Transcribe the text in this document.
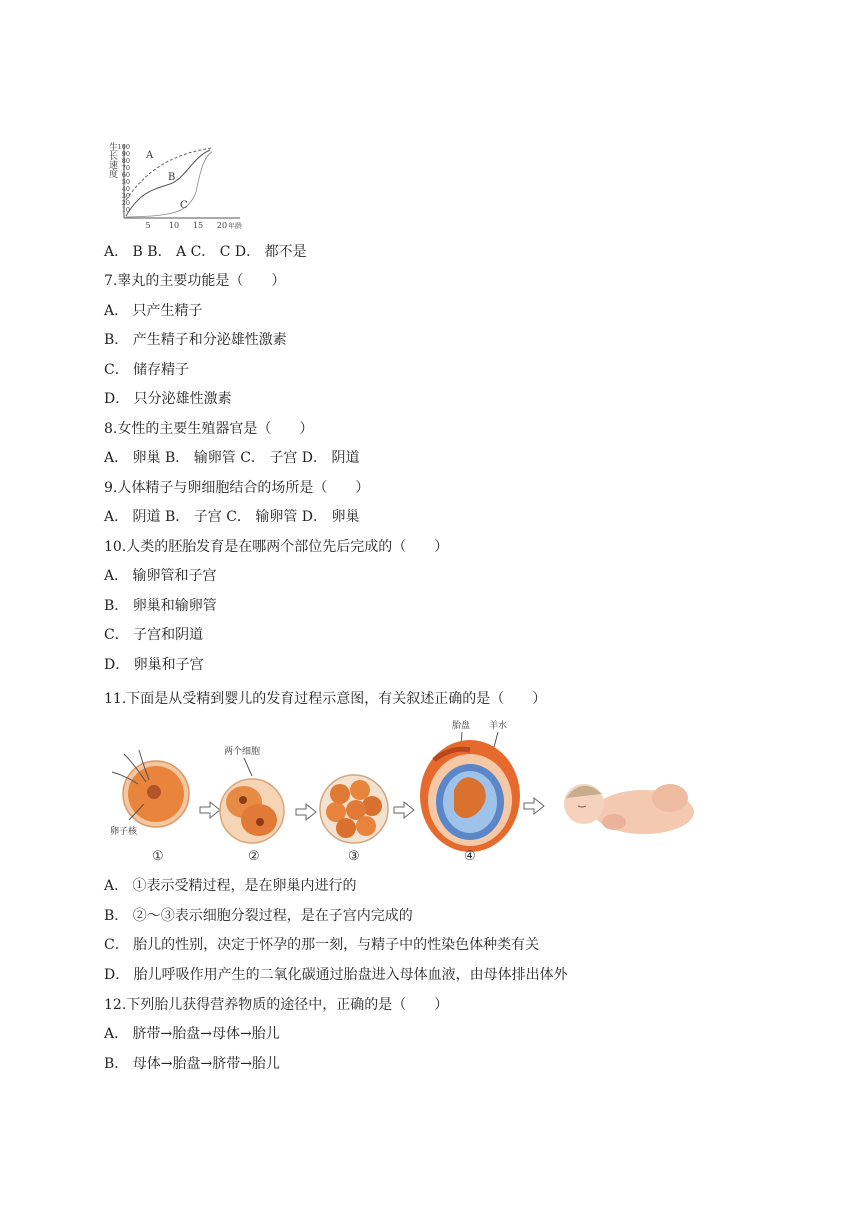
生长速度 100
90
80
70
60
50
40
30
20
10
5 10 15 20 年龄
A
B
C
A． B B． A C． C D． 都不是
7.睾丸的主要功能是（　　）
A． 只产生精子
B． 产生精子和分泌雄性激素
C． 储存精子
D． 只分泌雄性激素
8.女性的主要生殖器官是（　　）
A． 卵巢 B． 输卵管 C． 子宫 D． 阴道
9.人体精子与卵细胞结合的场所是（　　）
A． 阴道 B． 子宫 C． 输卵管 D． 卵巢
10.人类的胚胎发育是在哪两个部位先后完成的（　　）
A． 输卵管和子宫
B． 卵巢和输卵管
C． 子宫和阴道
D． 卵巢和子宫
11.下面是从受精到婴儿的发育过程示意图，有关叙述正确的是（　　）
卵子核
①
两个细胞
②	③
胎盘 羊水
④
A． ①表示受精过程，是在卵巢内进行的
B． ②～③表示细胞分裂过程，是在子宫内完成的
C． 胎儿的性别，决定于怀孕的那一刻，与精子中的性染色体种类有关
D． 胎儿呼吸作用产生的二氧化碳通过胎盘进入母体血液，由母体排出体外
12.下列胎儿获得营养物质的途径中，正确的是（　　）
A． 脐带→胎盘→母体→胎儿
B． 母体→胎盘→脐带→胎儿
